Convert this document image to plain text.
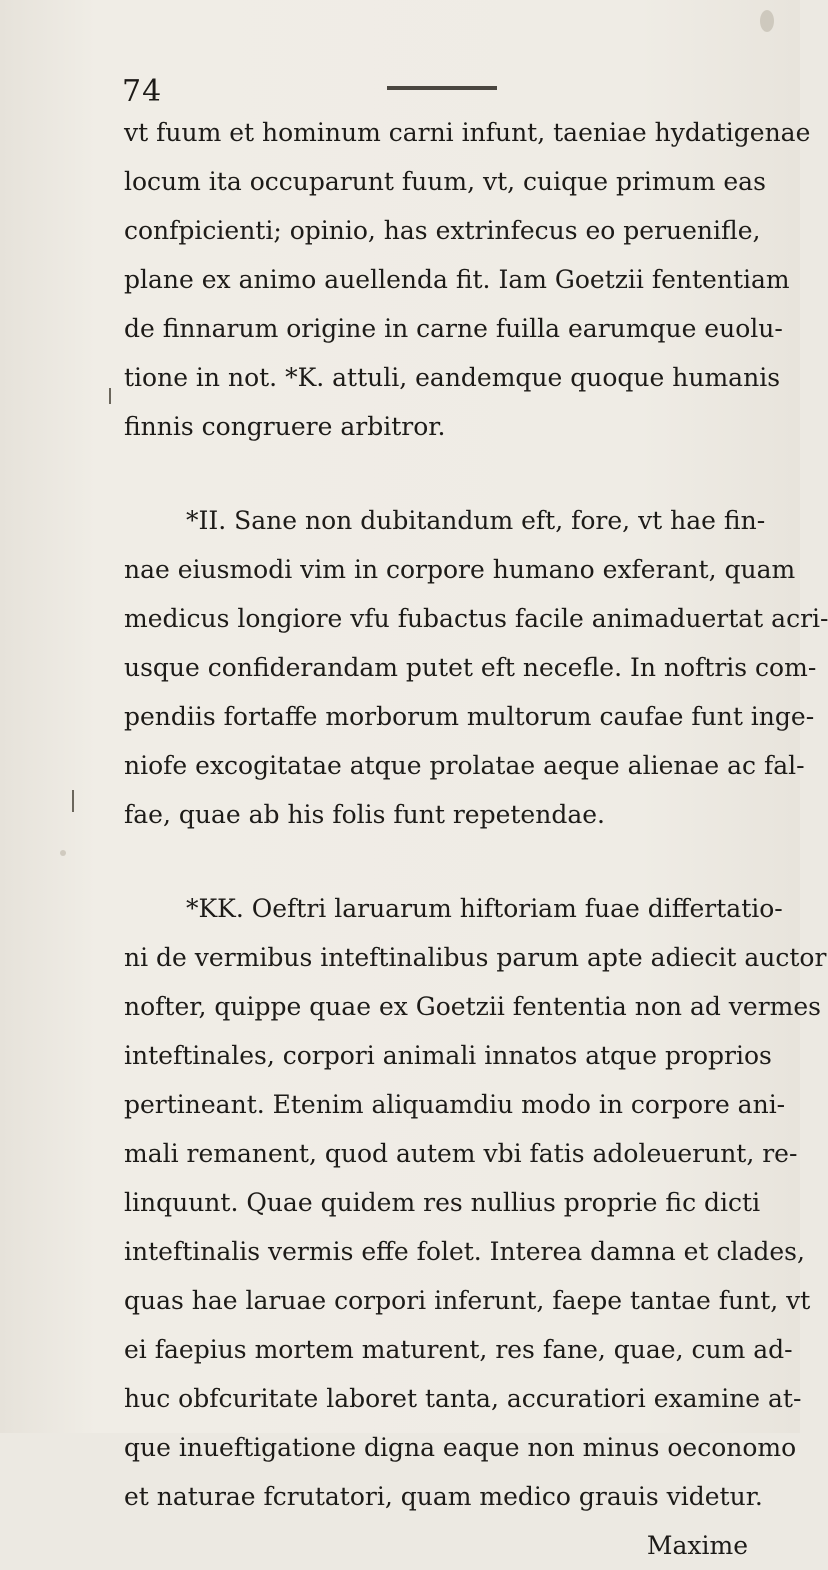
74
vt fuum et hominum carni infunt, taeniae hydatigenae
locum ita occuparunt fuum, vt, cuique primum eas
confpicienti; opinio, has extrinfecus eo peruenifle,
plane ex animo auellenda fit. Iam Goetzii fententiam
de finnarum origine in carne fuilla earumque euolu-
tione in not. *K. attuli, eandemque quoque humanis
finnis congruere arbitror.
*II. Sane non dubitandum eft, fore, vt hae fin-
nae eiusmodi vim in corpore humano exferant, quam
medicus longiore vfu fubactus facile animaduertat acri-
usque confiderandam putet eft necefle. In noftris com-
pendiis fortaffe morborum multorum caufae funt inge-
niofe excogitatae atque prolatae aeque alienae ac fal-
fae, quae ab his folis funt repetendae.
*KK. Oeftri laruarum hiftoriam fuae differtatio-
ni de vermibus inteftinalibus parum apte adiecit auctor
nofter, quippe quae ex Goetzii fententia non ad vermes
inteftinales, corpori animali innatos atque proprios
pertineant. Etenim aliquamdiu modo in corpore ani-
mali remanent, quod autem vbi fatis adoleuerunt, re-
linquunt. Quae quidem res nullius proprie fic dicti
inteftinalis vermis effe folet. Interea damna et clades,
quas hae laruae corpori inferunt, faepe tantae funt, vt
ei faepius mortem maturent, res fane, quae, cum ad-
huc obfcuritate laboret tanta, accuratiori examine at-
que inueftigatione digna eaque non minus oeconomo
et naturae fcrutatori, quam medico grauis videtur.
Maxime
